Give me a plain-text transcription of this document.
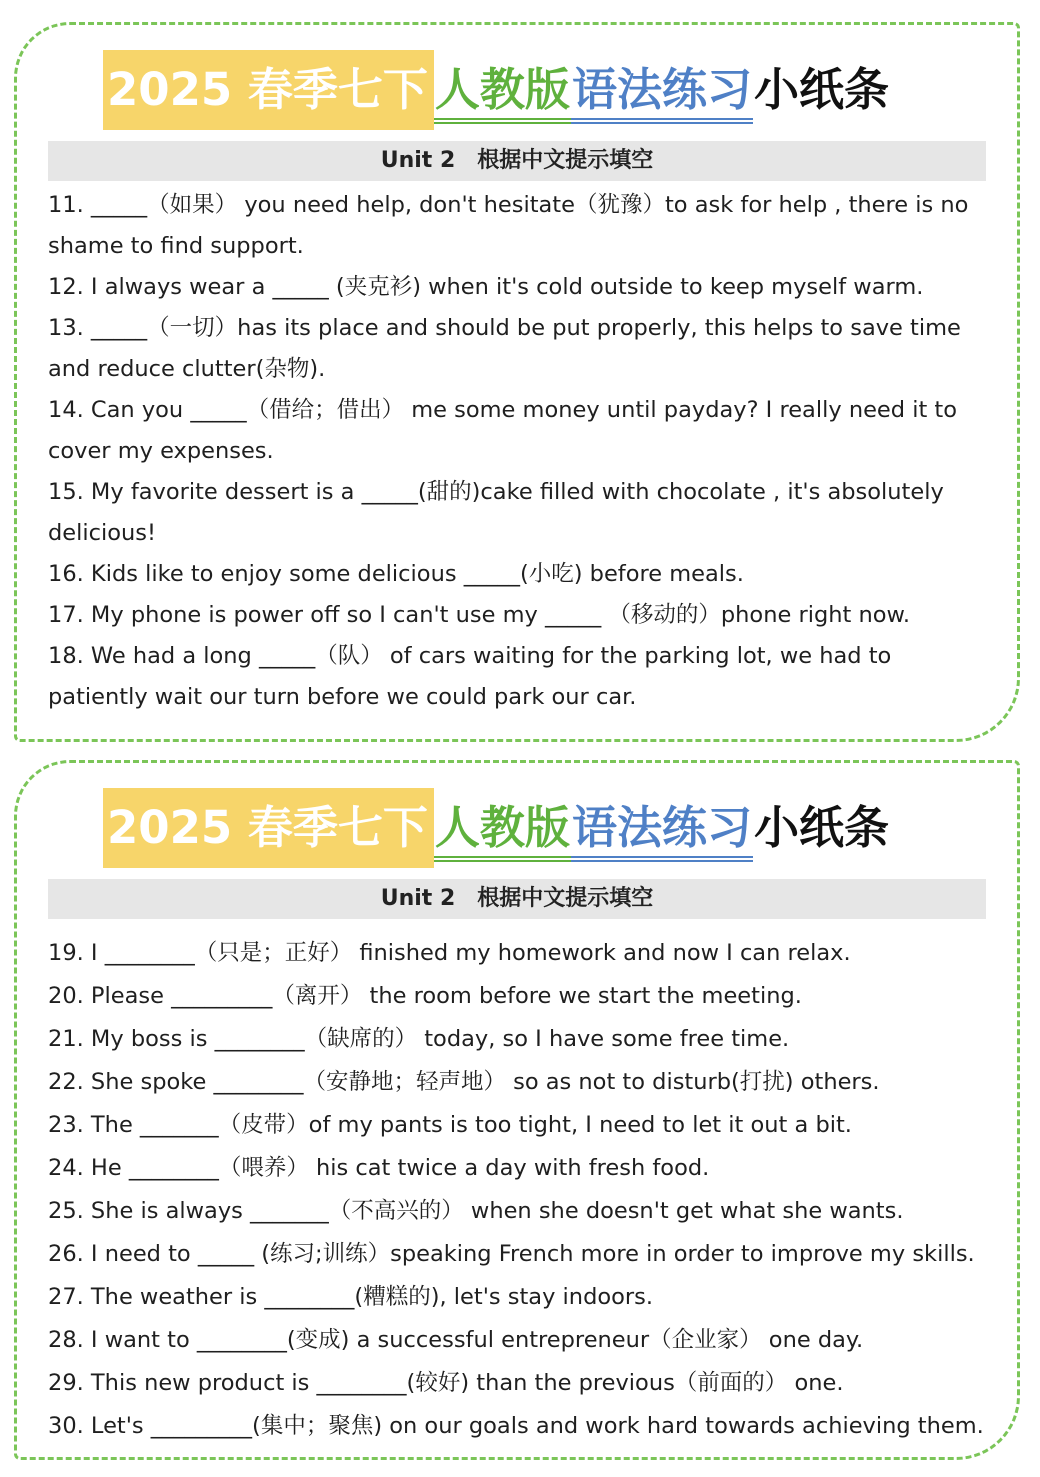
2025 春季七下 人教版 语法练习 小纸条
Unit 2　根据中文提示填空

11. _____（如果） you need help, don't hesitate（犹豫）to ask for help , there is no shame to find support.

12. I always wear a _____ (夹克衫) when it's cold outside to keep myself warm.

13. _____（一切）has its place and should be put properly, this helps to save time and reduce clutter(杂物).

14. Can you _____（借给；借出） me some money until payday? I really need it to cover my expenses.

15. My favorite dessert is a _____(甜的)cake filled with chocolate , it's absolutely delicious!

16. Kids like to enjoy some delicious _____(小吃) before meals.

17. My phone is power off so I can't use my _____ （移动的）phone right now.

18. We had a long _____（队） of cars waiting for the parking lot, we had to patiently wait our turn before we could park our car.

2025 春季七下 人教版 语法练习 小纸条
Unit 2　根据中文提示填空

19. I ________（只是；正好） finished my homework and now I can relax.

20. Please _________（离开） the room before we start the meeting.

21. My boss is ________（缺席的） today, so I have some free time.

22. She spoke ________（安静地；轻声地） so as not to disturb(打扰) others.

23. The _______（皮带）of my pants is too tight, I need to let it out a bit.

24. He ________（喂养） his cat twice a day with fresh food.

25. She is always _______（不高兴的） when she doesn't get what she wants.

26. I need to _____ (练习;训练）speaking French more in order to improve my skills.

27. The weather is ________(糟糕的), let's stay indoors.

28. I want to ________(变成) a successful entrepreneur（企业家） one day.

29. This new product is ________(较好) than the previous（前面的） one.

30. Let's _________(集中；聚焦) on our goals and work hard towards achieving them.
